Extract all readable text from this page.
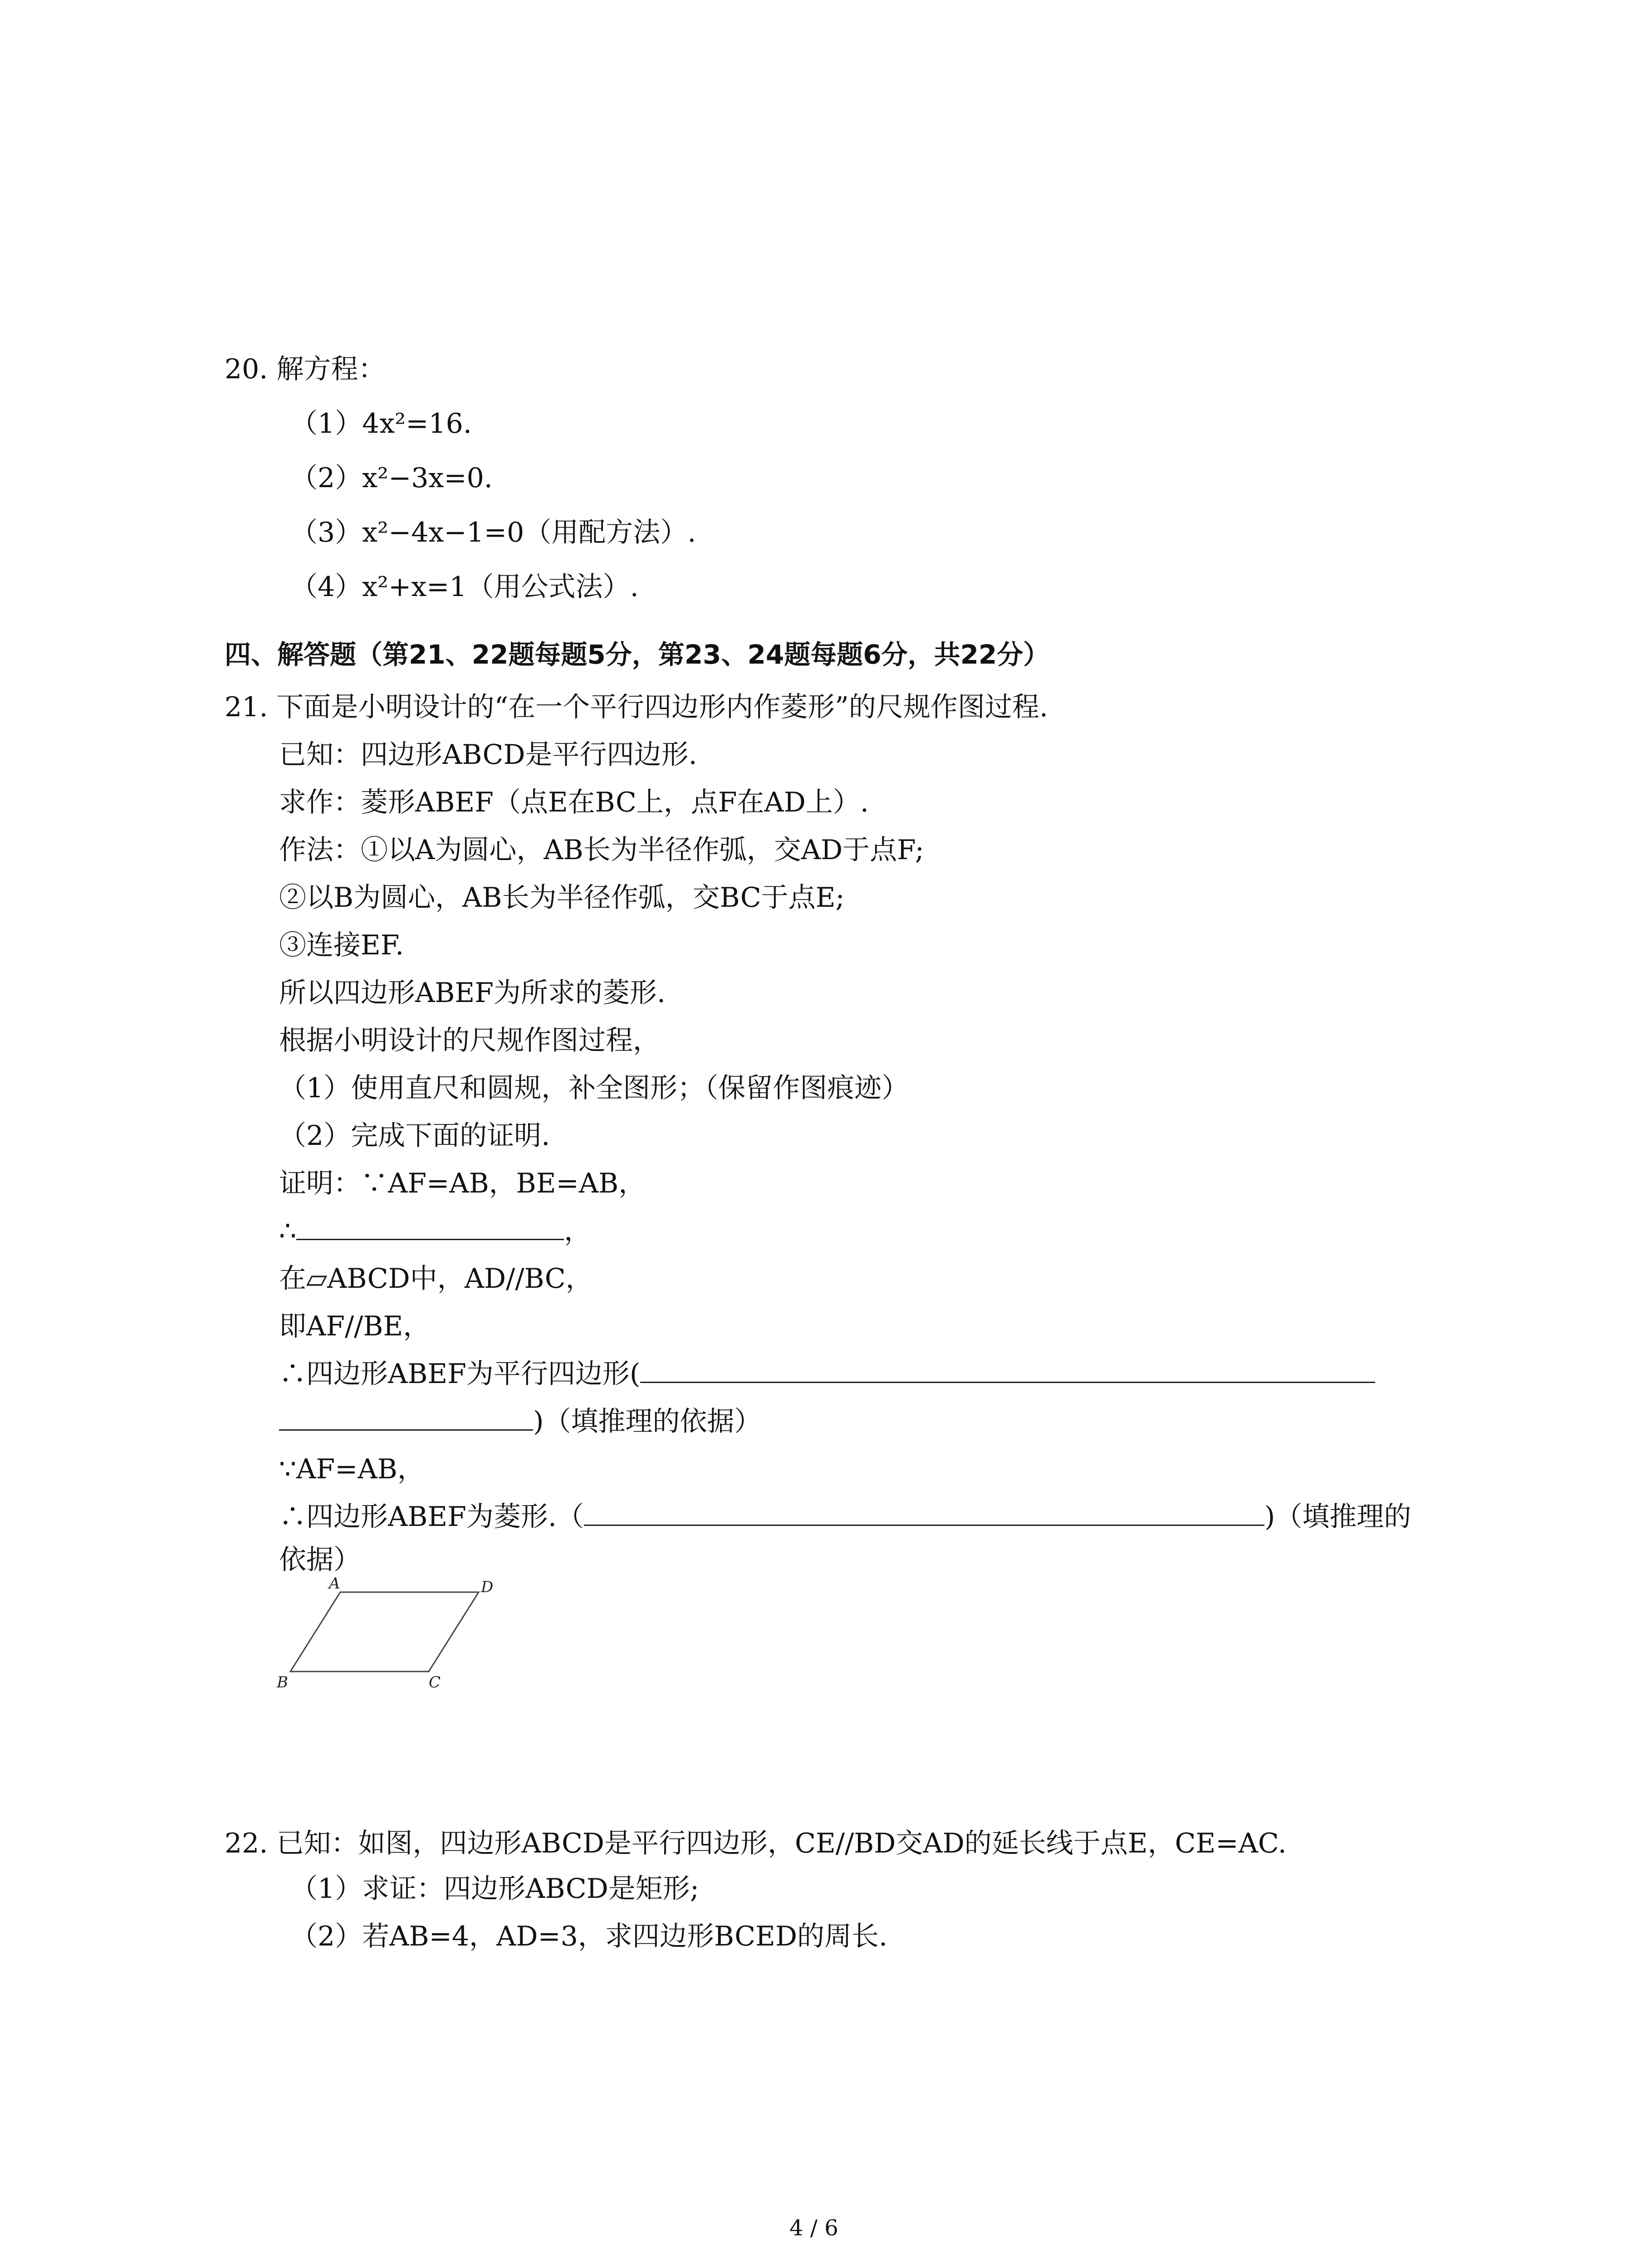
20. 解方程：
（1）4x²=16.
（2）x²−3x=0.
（3）x²−4x−1=0（用配方法）.
（4）x²+x=1（用公式法）.
四、解答题（第21、22题每题5分，第23、24题每题6分，共22分）
21. 下面是小明设计的“在一个平行四边形内作菱形”的尺规作图过程.
已知：四边形ABCD是平行四边形.
求作：菱形ABEF（点E在BC上，点F在AD上）.
作法：①以A为圆心，AB长为半径作弧，交AD于点F;
②以B为圆心，AB长为半径作弧，交BC于点E;
③连接EF.
所以四边形ABEF为所求的菱形.
根据小明设计的尺规作图过程，
（1）使用直尺和圆规，补全图形；（保留作图痕迹）
（2）完成下面的证明.
证明：∵AF=AB，BE=AB，
∴	，
在▱ABCD中，AD//BC，
即AF//BE，
∴四边形ABEF为平行四边形(
)（填推理的依据）
∵AF=AB，
∴四边形ABEF为菱形.（	)（填推理的
依据）
A	D
B	C
22. 已知：如图，四边形ABCD是平行四边形，CE//BD交AD的延长线于点E，CE=AC.
（1）求证：四边形ABCD是矩形;
（2）若AB=4，AD=3，求四边形BCED的周长.
4 / 6
